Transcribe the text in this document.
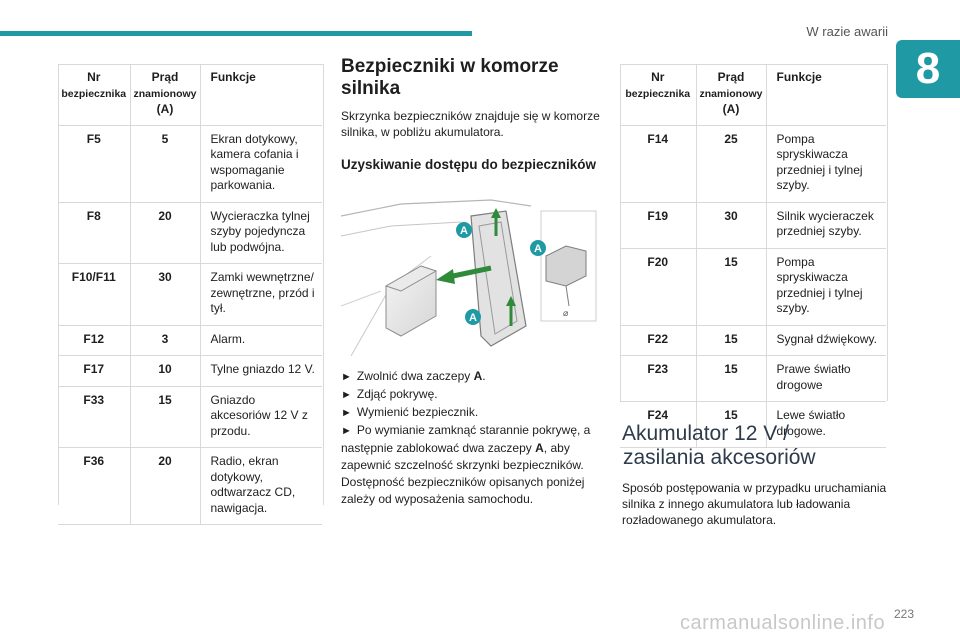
W razie awarii
8
Nr
bezpiecznika	Prąd
znamionowy
(A)	Funkcje
F5	5	Ekran dotykowy, kamera cofania i wspomaganie parkowania.
F8	20	Wycieraczka tylnej szyby pojedyncza lub podwójna.
F10/F11	30	Zamki wewnętrzne/ zewnętrzne, przód i tył.
F12	3	Alarm.
F17	10	Tylne gniazdo 12 V.
F33	15	Gniazdo akcesoriów 12 V z przodu.
F36	20	Radio, ekran dotykowy, odtwarzacz CD, nawigacja.
Bezpieczniki w komorze silnika

Skrzynka bezpieczników znajduje się w komorze silnika, w pobliżu akumulatora.

Uzyskiwanie dostępu do bezpieczników
⌀
A
A
A
► Zwolnić dwa zaczepy A.
► Zdjąć pokrywę.
► Wymienić bezpiecznik.
► Po wymianie zamknąć starannie pokrywę, a następnie zablokować dwa zaczepy A, aby zapewnić szczelność skrzynki bezpieczników.
Dostępność bezpieczników opisanych poniżej zależy od wyposażenia samochodu.
Nr
bezpiecznika	Prąd
znamionowy
(A)	Funkcje
F14	25	Pompa spryskiwacza przedniej i tylnej szyby.
F19	30	Silnik wycieraczek przedniej szyby.
F20	15	Pompa spryskiwacza przedniej i tylnej szyby.
F22	15	Sygnał dźwiękowy.
F23	15	Prawe światło drogowe
F24	15	Lewe światło drogowe.
Akumulator 12 V /

zasilania akcesoriów

Sposób postępowania w przypadku uruchamiania silnika z innego akumulatora lub ładowania rozładowanego akumulatora.

223
carmanualsonline.info
